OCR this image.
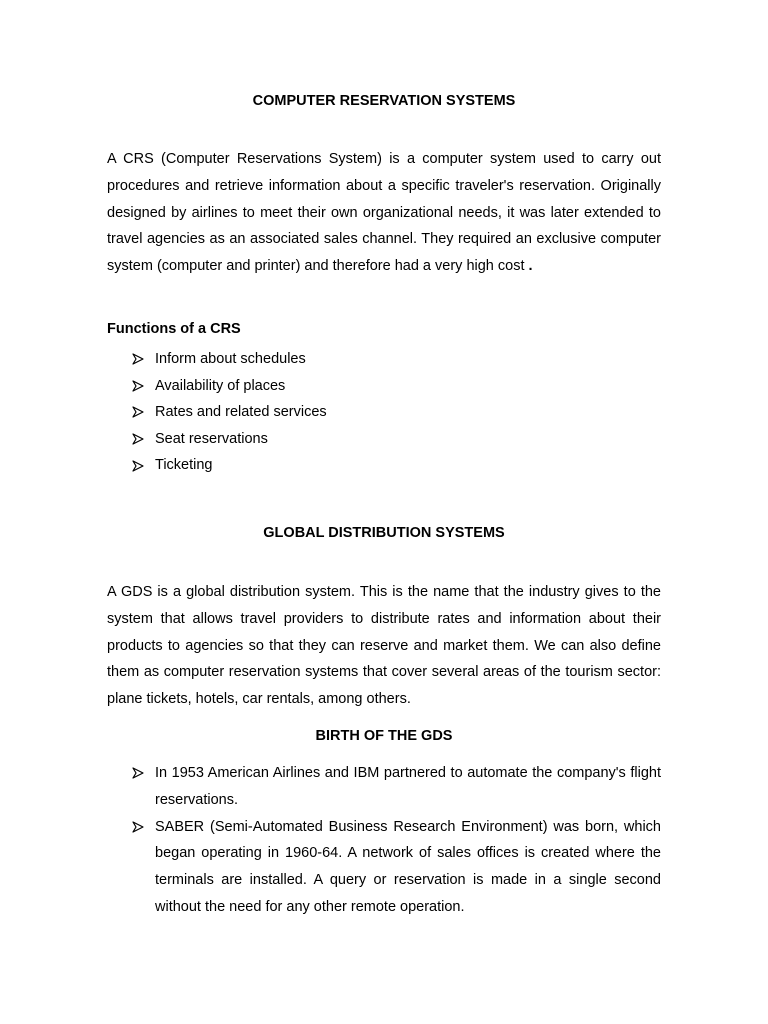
COMPUTER RESERVATION SYSTEMS

A CRS (Computer Reservations System) is a computer system used to carry out procedures and retrieve information about a specific traveler's reservation. Originally designed by airlines to meet their own organizational needs, it was later extended to travel agencies as an associated sales channel. They required an exclusive computer system (computer and printer) and therefore had a very high cost .

Functions of a CRS

Inform about schedules
Availability of places
Rates and related services
Seat reservations
Ticketing
GLOBAL DISTRIBUTION SYSTEMS

A GDS is a global distribution system. This is the name that the industry gives to the system that allows travel providers to distribute rates and information about their products to agencies so that they can reserve and market them. We can also define them as computer reservation systems that cover several areas of the tourism sector: plane tickets, hotels, car rentals, among others.

BIRTH OF THE GDS
In 1953 American Airlines and IBM partnered to automate the company's flight reservations.
SABER (Semi-Automated Business Research Environment) was born, which began operating in 1960-64. A network of sales offices is created where the terminals are installed. A query or reservation is made in a single second without the need for any other remote operation.
